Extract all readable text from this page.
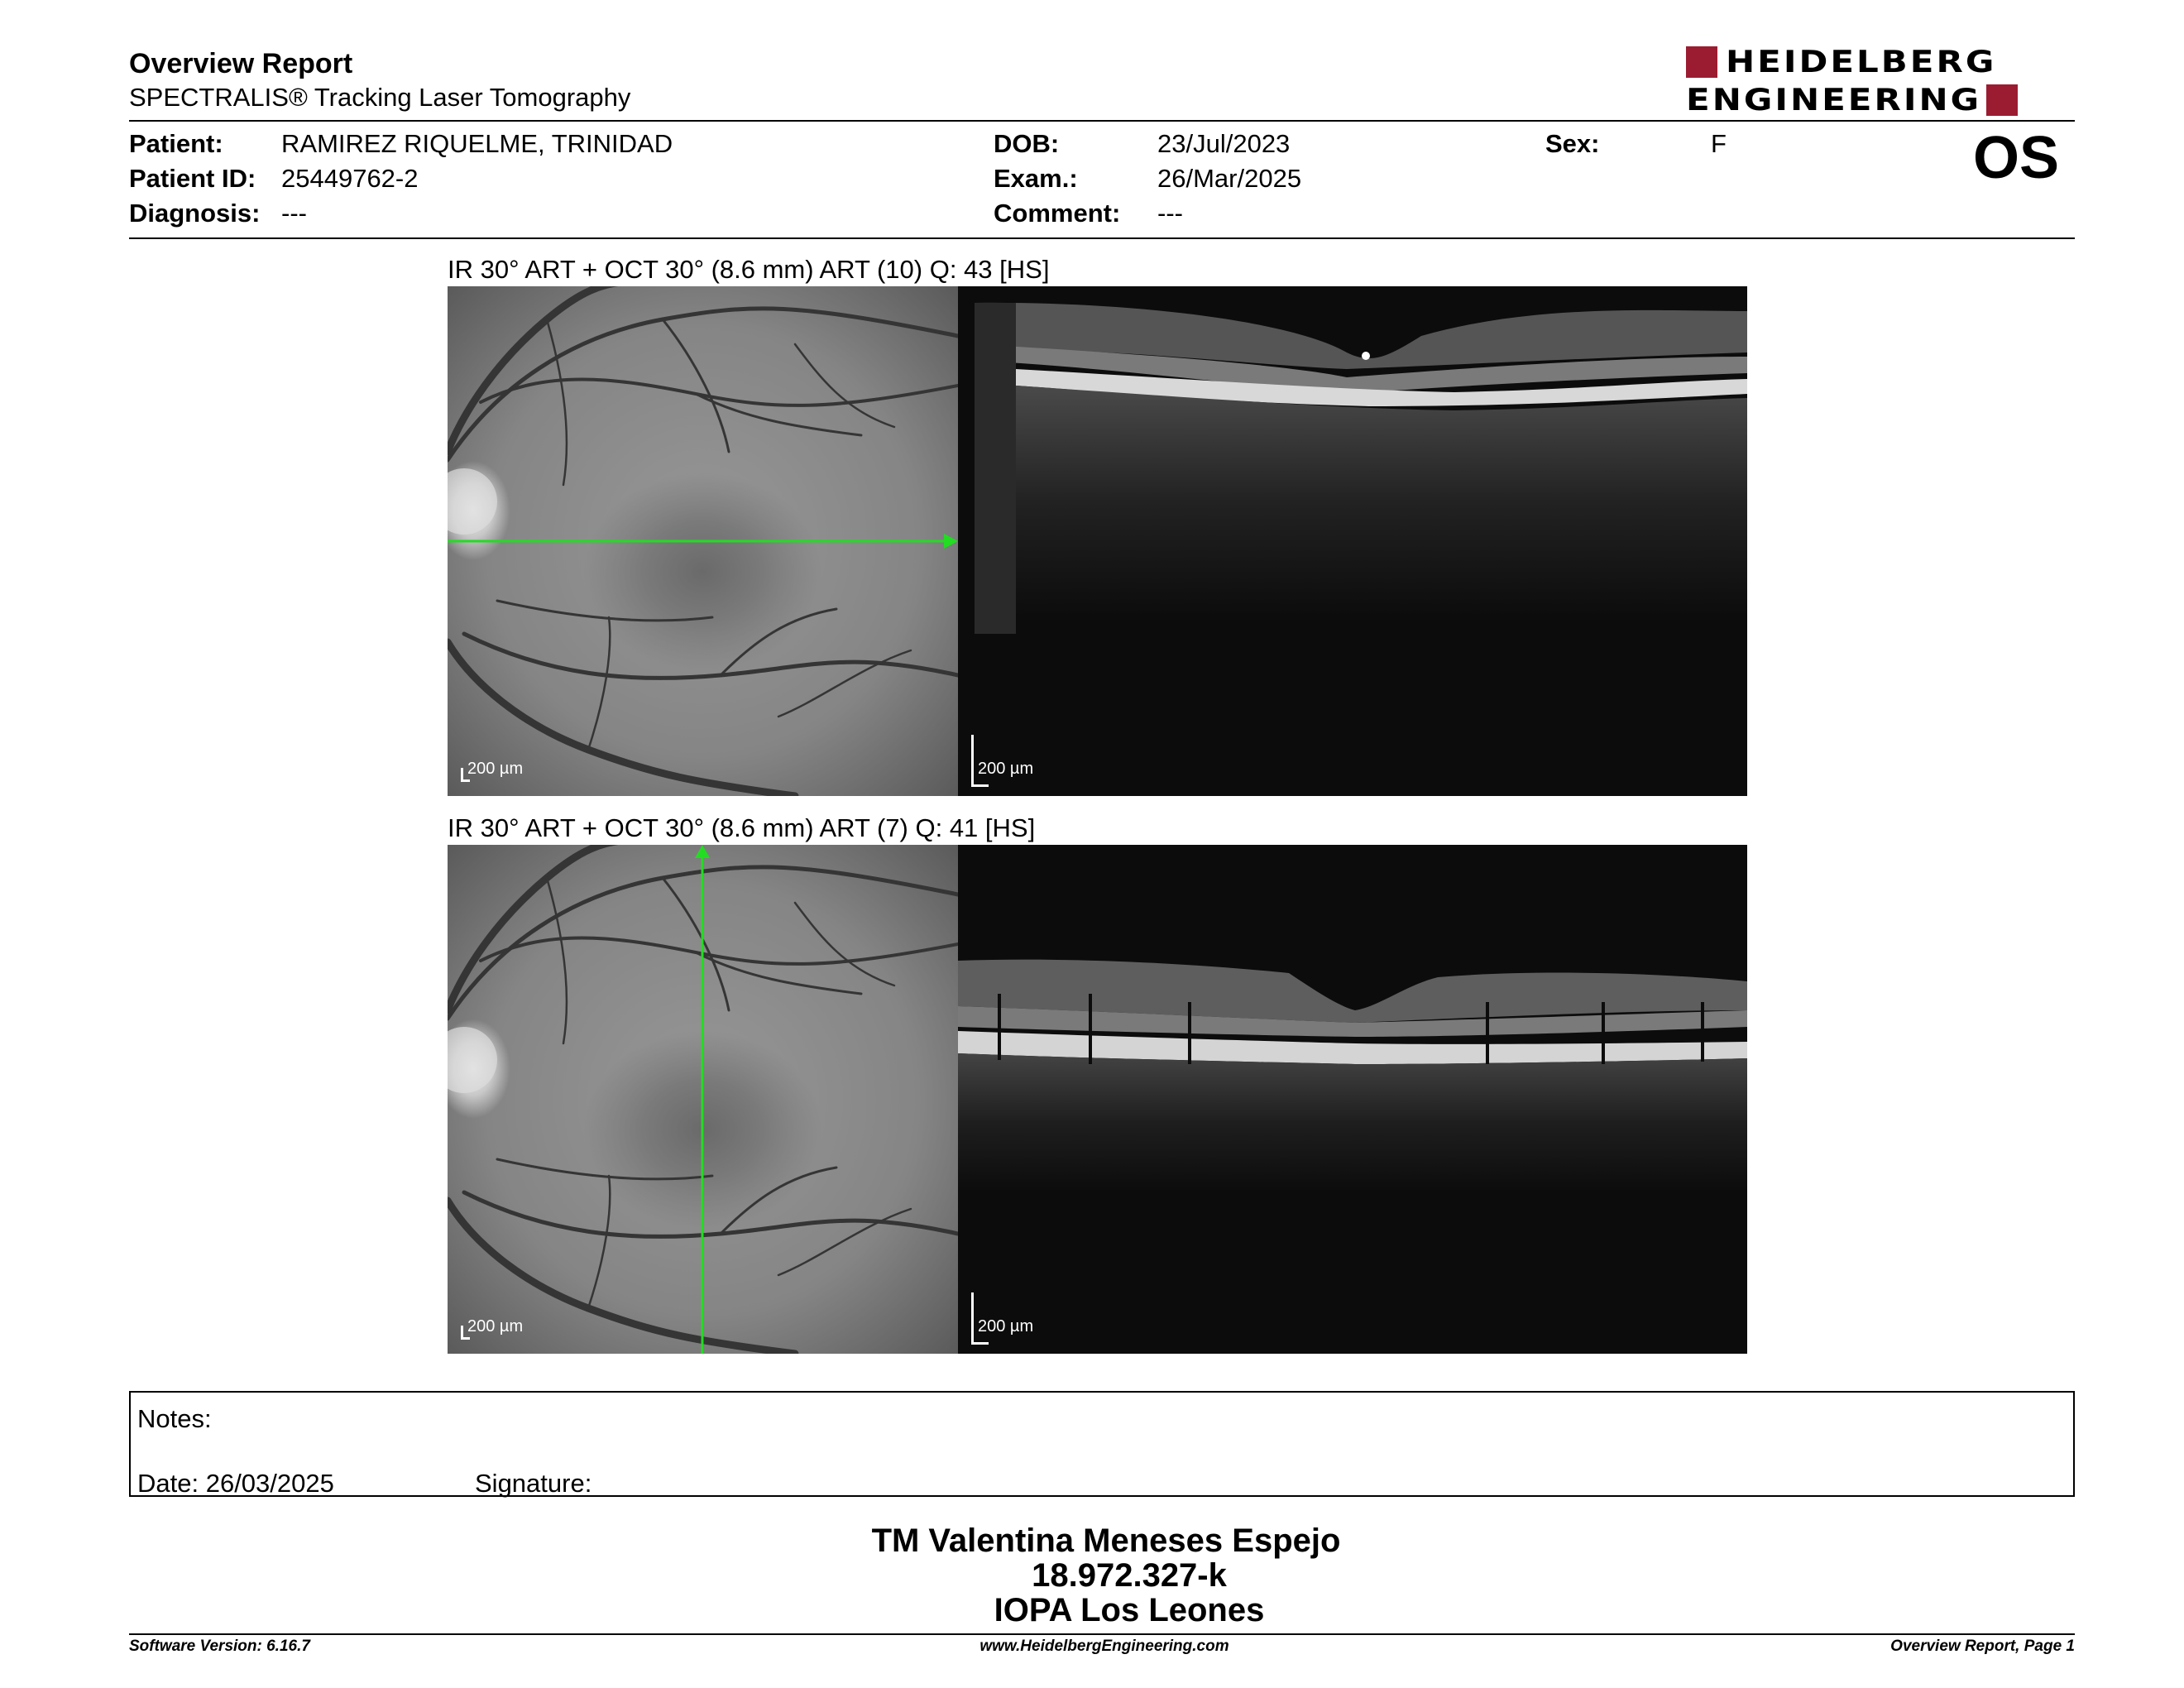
Overview Report
SPECTRALIS® Tracking Laser Tomography
HEIDELBERG
ENGINEERING
Patient: RAMIREZ RIQUELME, TRINIDAD
Patient ID: 25449762-2
Diagnosis: ---
DOB:	23/Jul/2023
Exam.:	26/Mar/2025
Comment: ---
Sex:	F	OS
IR 30° ART + OCT 30° (8.6 mm) ART (10) Q: 43 [HS]
200 µm	200 µm
IR 30° ART + OCT 30° (8.6 mm) ART (7) Q: 41 [HS]
200 µm	200 µm
Notes:
Date: 26/03/2025	Signature:
TM Valentina Meneses Espejo
18.972.327-k
IOPA Los Leones
Software Version: 6.16.7	www.HeidelbergEngineering.com	Overview Report, Page 1
